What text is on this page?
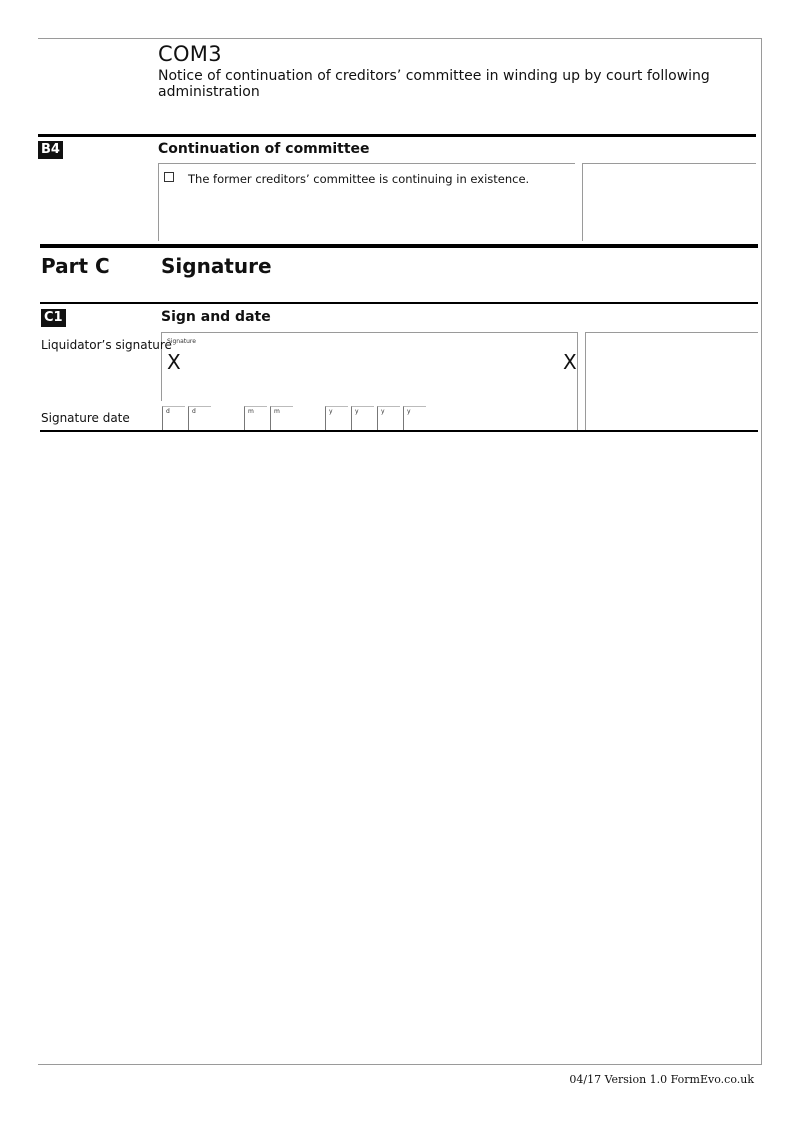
COM3
Notice of continuation of creditors’ committee in winding up by court following administration
B4	Continuation of committee
The former creditors’ committee is continuing in existence.
Part C	Signature
C1	Sign and date
Liquidator’s signature
Signature
X	X
Signature date	d	d	m	m	y	y	y	y
04/17 Version 1.0 FormEvo.co.uk
